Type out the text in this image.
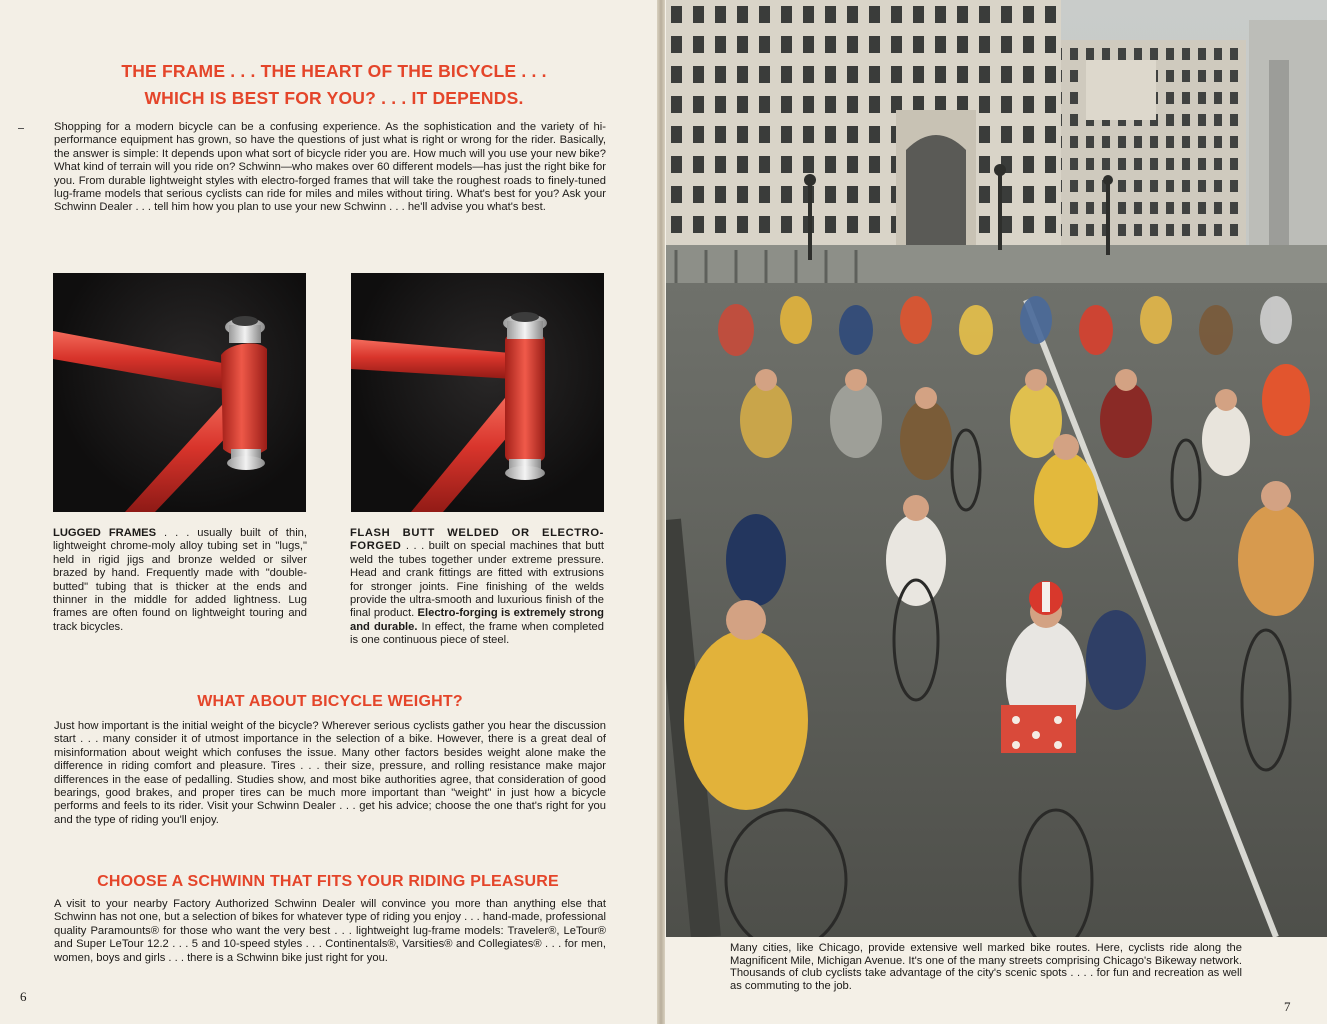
THE FRAME . . . THE HEART OF THE BICYCLE . . .
WHICH IS BEST FOR YOU? . . . IT DEPENDS.

Shopping for a modern bicycle can be a confusing experience. As the sophistication and the variety of hi-performance equipment has grown, so have the questions of just what is right or wrong for the rider. Basically, the answer is simple: It depends upon what sort of bicycle rider you are. How much will you use your new bike? What kind of terrain will you ride on? Schwinn—who makes over 60 different models—has just the right bike for you. From durable lightweight styles with electro-forged frames that will take the roughest roads to finely-tuned lug-frame models that serious cyclists can ride for miles and miles without tiring. What's best for you? Ask your Schwinn Dealer . . . tell him how you plan to use your new Schwinn . . . he'll advise you what's best.

LUGGED FRAMES . . . usually built of thin, lightweight chrome-moly alloy tubing set in "lugs," held in rigid jigs and bronze welded or silver brazed by hand. Frequently made with "double-butted" tubing that is thicker at the ends and thinner in the middle for added lightness. Lug frames are often found on lightweight touring and track bicycles.

FLASH BUTT WELDED OR ELECTRO-FORGED . . . built on special machines that butt weld the tubes together under extreme pressure. Head and crank fittings are fitted with extrusions for stronger joints. Fine finishing of the welds provide the ultra-smooth and luxurious finish of the final product. Electro-forging is extremely strong and durable. In effect, the frame when completed is one continuous piece of steel.

WHAT ABOUT BICYCLE WEIGHT?

Just how important is the initial weight of the bicycle? Wherever serious cyclists gather you hear the discussion start . . . many consider it of utmost importance in the selection of a bike. However, there is a great deal of misinformation about weight which confuses the issue. Many other factors besides weight alone make the difference in riding comfort and pleasure. Tires . . . their size, pressure, and rolling resistance make major differences in the ease of pedalling. Studies show, and most bike authorities agree, that consideration of good bearings, good brakes, and proper tires can be much more important than "weight" in just how a bicycle performs and feels to its rider. Visit your Schwinn Dealer . . . get his advice; choose the one that's right for you and the type of riding you'll enjoy.

CHOOSE A SCHWINN THAT FITS YOUR RIDING PLEASURE

A visit to your nearby Factory Authorized Schwinn Dealer will convince you more than anything else that Schwinn has not one, but a selection of bikes for whatever type of riding you enjoy . . . hand-made, professional quality Paramounts® for those who want the very best . . . lightweight lug-frame models: Traveler®, LeTour® and Super LeTour 12.2 . . . 5 and 10-speed styles . . . Continentals®, Varsities® and Collegiates® . . . for men, women, boys and girls . . . there is a Schwinn bike just right for you.

6

Many cities, like Chicago, provide extensive well marked bike routes. Here, cyclists ride along the Magnificent Mile, Michigan Avenue. It's one of the many streets comprising Chicago's Bikeway network. Thousands of club cyclists take advantage of the city's scenic spots . . . . for fun and recreation as well as commuting to the job.

7
